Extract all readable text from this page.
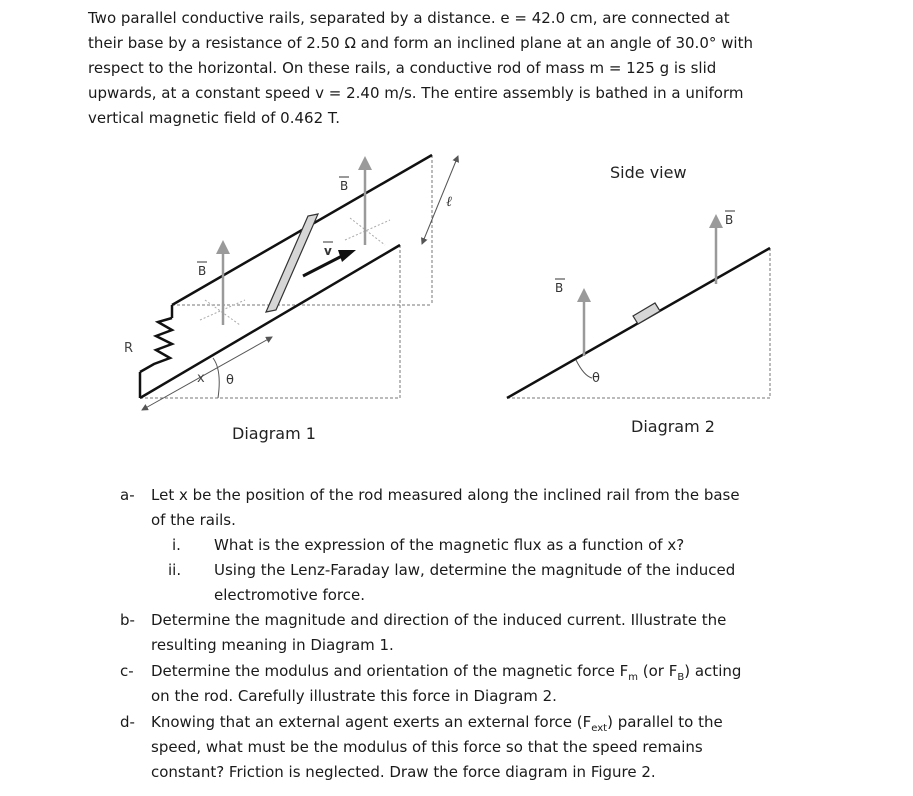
Two parallel conductive rails, separated by a distance. e = 42.0 cm, are connected at

their base by a resistance of 2.50 Ω and form an inclined plane at an angle of 30.0° with

respect to the horizontal. On these rails, a conductive rod of mass m = 125 g is slid

upwards, at a constant speed v = 2.40 m/s. The entire assembly is bathed in a uniform

vertical magnetic field of 0.462 T.

R
B
B
v
ℓ
x θ
Diagram 1
Side view
B
B
θ
Diagram 2
a- Let x be the position of the rod measured along the inclined rail from the base

of the rails.

i. What is the expression of the magnetic flux as a function of x?

ii. Using the Lenz-Faraday law, determine the magnitude of the induced

electromotive force.

b- Determine the magnitude and direction of the induced current. Illustrate the

resulting meaning in Diagram 1.

c- Determine the modulus and orientation of the magnetic force $F_m$ (or $F_B$) acting

on the rod. Carefully illustrate this force in Diagram 2.

d- Knowing that an external agent exerts an external force $(F_{ext})$ parallel to the

speed, what must be the modulus of this force so that the speed remains

constant? Friction is neglected. Draw the force diagram in Figure 2.
